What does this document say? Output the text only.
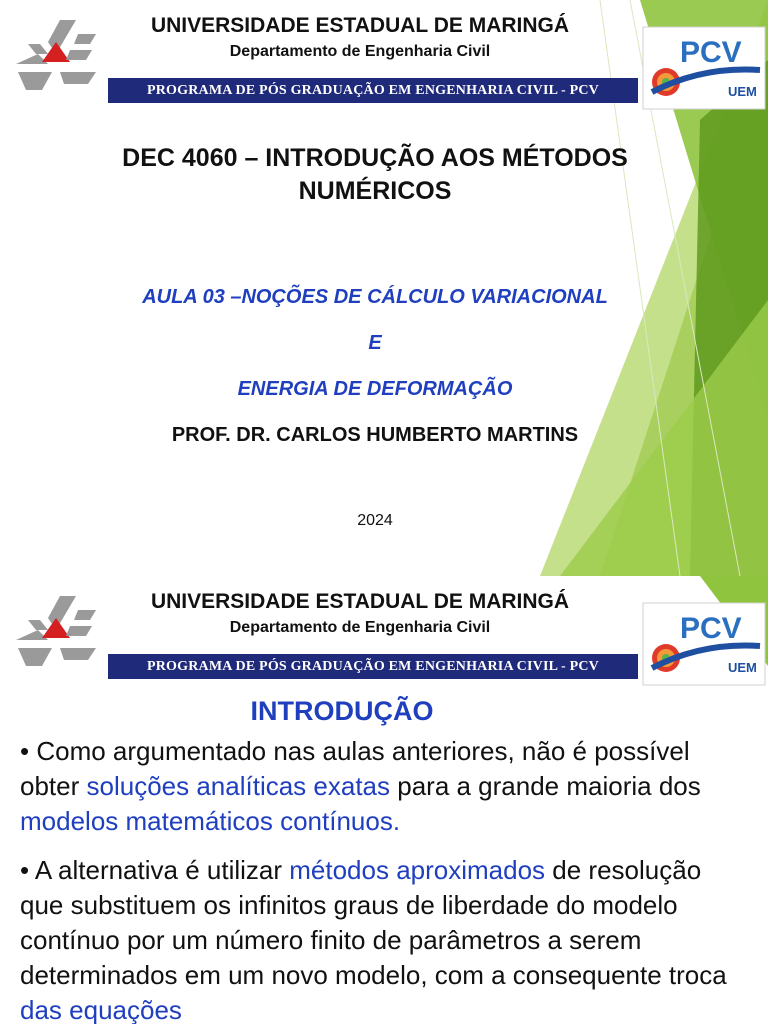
UNIVERSIDADE ESTADUAL DE MARINGÁ
Departamento de Engenharia Civil
PROGRAMA DE PÓS GRADUAÇÃO EM ENGENHARIA CIVIL - PCV
PCV
UEM
DEC 4060 – INTRODUÇÃO AOS MÉTODOS
NUMÉRICOS
AULA 03 –NOÇÕES DE CÁLCULO VARIACIONAL
E
ENERGIA DE DEFORMAÇÃO
PROF. DR. CARLOS HUMBERTO MARTINS
2024
UNIVERSIDADE ESTADUAL DE MARINGÁ
Departamento de Engenharia Civil
PROGRAMA DE PÓS GRADUAÇÃO EM ENGENHARIA CIVIL - PCV
PCV
UEM
INTRODUÇÃO

• Como argumentado nas aulas anteriores, não é possível obter soluções analíticas exatas para a grande maioria dos modelos matemáticos contínuos.

• A alternativa é utilizar métodos aproximados de resolução que substituem os infinitos graus de liberdade do modelo contínuo por um número finito de parâmetros a serem determinados em um novo modelo, com a consequente troca das equações
